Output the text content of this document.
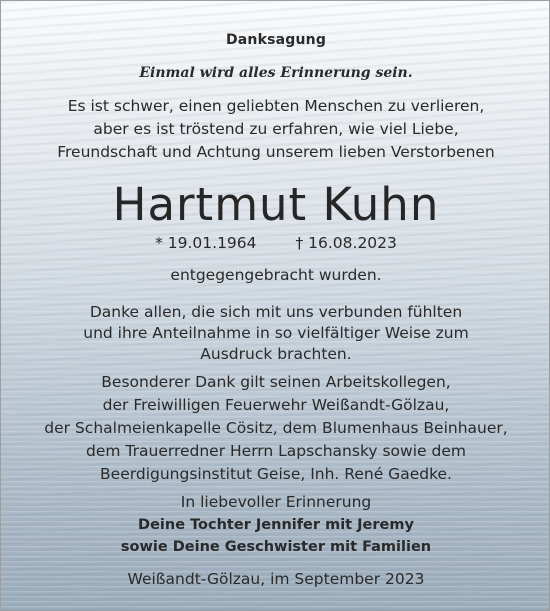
Danksagung
Einmal wird alles Erinnerung sein.
Es ist schwer, einen geliebten Menschen zu verlieren,
aber es ist tröstend zu erfahren, wie viel Liebe,
Freundschaft und Achtung unserem lieben Verstorbenen
Hartmut Kuhn
* 19.01.1964	† 16.08.2023
entgegengebracht wurden.
Danke allen, die sich mit uns verbunden fühlten
und ihre Anteilnahme in so vielfältiger Weise zum
Ausdruck brachten.
Besonderer Dank gilt seinen Arbeitskollegen,
der Freiwilligen Feuerwehr Weißandt-Gölzau,
der Schalmeienkapelle Cösitz, dem Blumenhaus Beinhauer,
dem Trauerredner Herrn Lapschansky sowie dem
Beerdigungsinstitut Geise, Inh. René Gaedke.
In liebevoller Erinnerung
Deine Tochter Jennifer mit Jeremy
sowie Deine Geschwister mit Familien
Weißandt-Gölzau, im September 2023
